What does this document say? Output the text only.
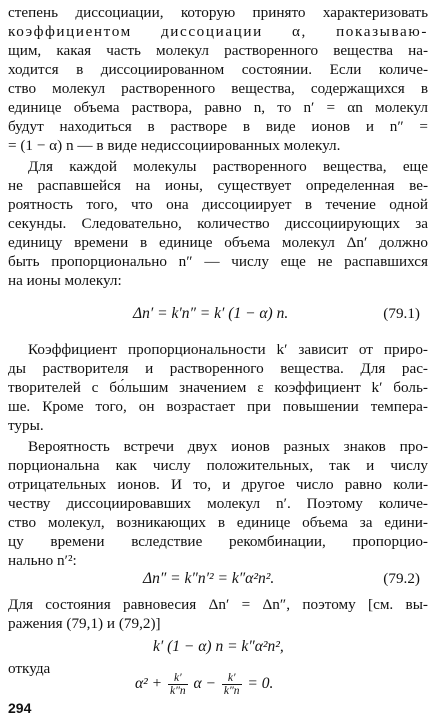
степень диссоциации, которую принято характеризовать
коэффициентом диссоциации α, показываю-
щим, какая часть молекул растворенного вещества на-
ходится в диссоциированном состоянии. Если количе-
ство молекул растворенного вещества, содержащихся в
единице объема раствора, равно n, то n′ = αn молекул
будут находиться в растворе в виде ионов и n″ =
= (1 − α) n — в виде недиссоциированных молекул.
Для каждой молекулы растворенного вещества, еще
не распавшейся на ионы, существует определенная ве-
роятность того, что она диссоциирует в течение одной
секунды. Следовательно, количество диссоциирующих за
единицу времени в единице объема молекул Δn′ должно
быть пропорционально n″ — числу еще не распавшихся
на ионы молекул:
Δn′ = k′n″ = k′ (1 − α) n.	(79.1)
Коэффициент пропорциональности k′ зависит от приро-
ды растворителя и растворенного вещества. Для рас-
творителей с бо́льшим значением ε коэффициент k′ боль-
ше. Кроме того, он возрастает при повышении темпера-
туры.
Вероятность встречи двух ионов разных знаков про-
порциональна как числу положительных, так и числу
отрицательных ионов. И то, и другое число равно коли-
честву диссоциировавших молекул n′. Поэтому количе-
ство молекул, возникающих в единице объема за едини-
цу времени вследствие рекомбинации, пропорцио-
нально n′²:
Δn″ = k″n′² = k″α²n².	(79.2)
Для состояния равновесия Δn′ = Δn″, поэтому [см. вы-
ражения (79,1) и (79,2)]
k′ (1 − α) n = k″α²n²,
откуда
$\alpha^2 + \frac{k'}{k''n}$ $\alpha - \frac{k'}{k''n} = 0$.
294
